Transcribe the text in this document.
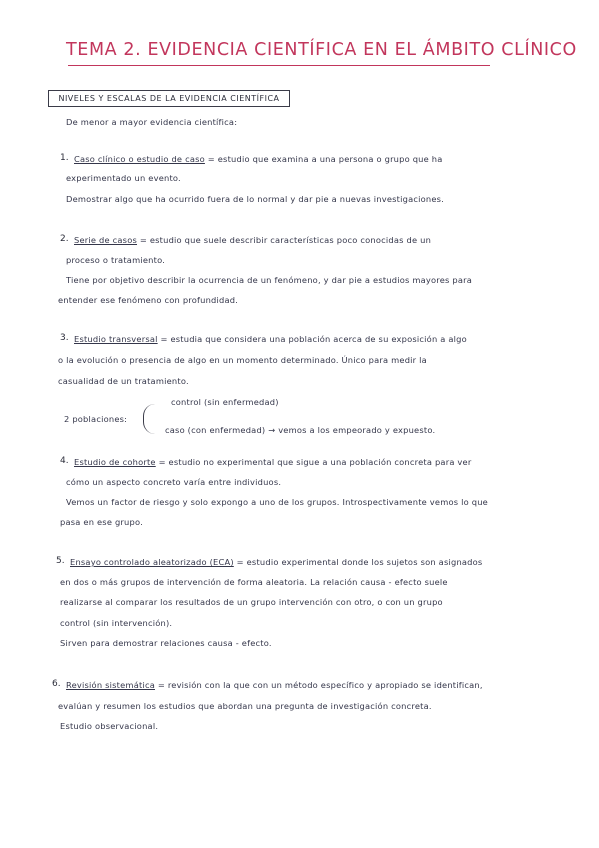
TEMA 2. EVIDENCIA CIENTÍFICA EN EL ÁMBITO CLÍNICO
NIVELES Y ESCALAS DE LA EVIDENCIA CIENTÍFICA
De menor a mayor evidencia científica:
1. Caso clínico o estudio de caso = estudio que examina a una persona o grupo que ha
experimentado un evento.
Demostrar algo que ha ocurrido fuera de lo normal y dar pie a nuevas investigaciones.
2. Serie de casos = estudio que suele describir características poco conocidas de un
proceso o tratamiento.
Tiene por objetivo describir la ocurrencia de un fenómeno, y dar pie a estudios mayores para
entender ese fenómeno con profundidad.
3. Estudio transversal = estudia que considera una población acerca de su exposición a algo
o la evolución o presencia de algo en un momento determinado. Único para medir la
casualidad de un tratamiento.
2 poblaciones:
control (sin enfermedad)
caso (con enfermedad) → vemos a los empeorado y expuesto.
4. Estudio de cohorte = estudio no experimental que sigue a una población concreta para ver
cómo un aspecto concreto varía entre individuos.
Vemos un factor de riesgo y solo expongo a uno de los grupos. Introspectivamente vemos lo que
pasa en ese grupo.
5. Ensayo controlado aleatorizado (ECA) = estudio experimental donde los sujetos son asignados
en dos o más grupos de intervención de forma aleatoria. La relación causa - efecto suele
realizarse al comparar los resultados de un grupo intervención con otro, o con un grupo
control (sin intervención).
Sirven para demostrar relaciones causa - efecto.
6. Revisión sistemática = revisión con la que con un método específico y apropiado se identifican,
evalúan y resumen los estudios que abordan una pregunta de investigación concreta.
Estudio observacional.
